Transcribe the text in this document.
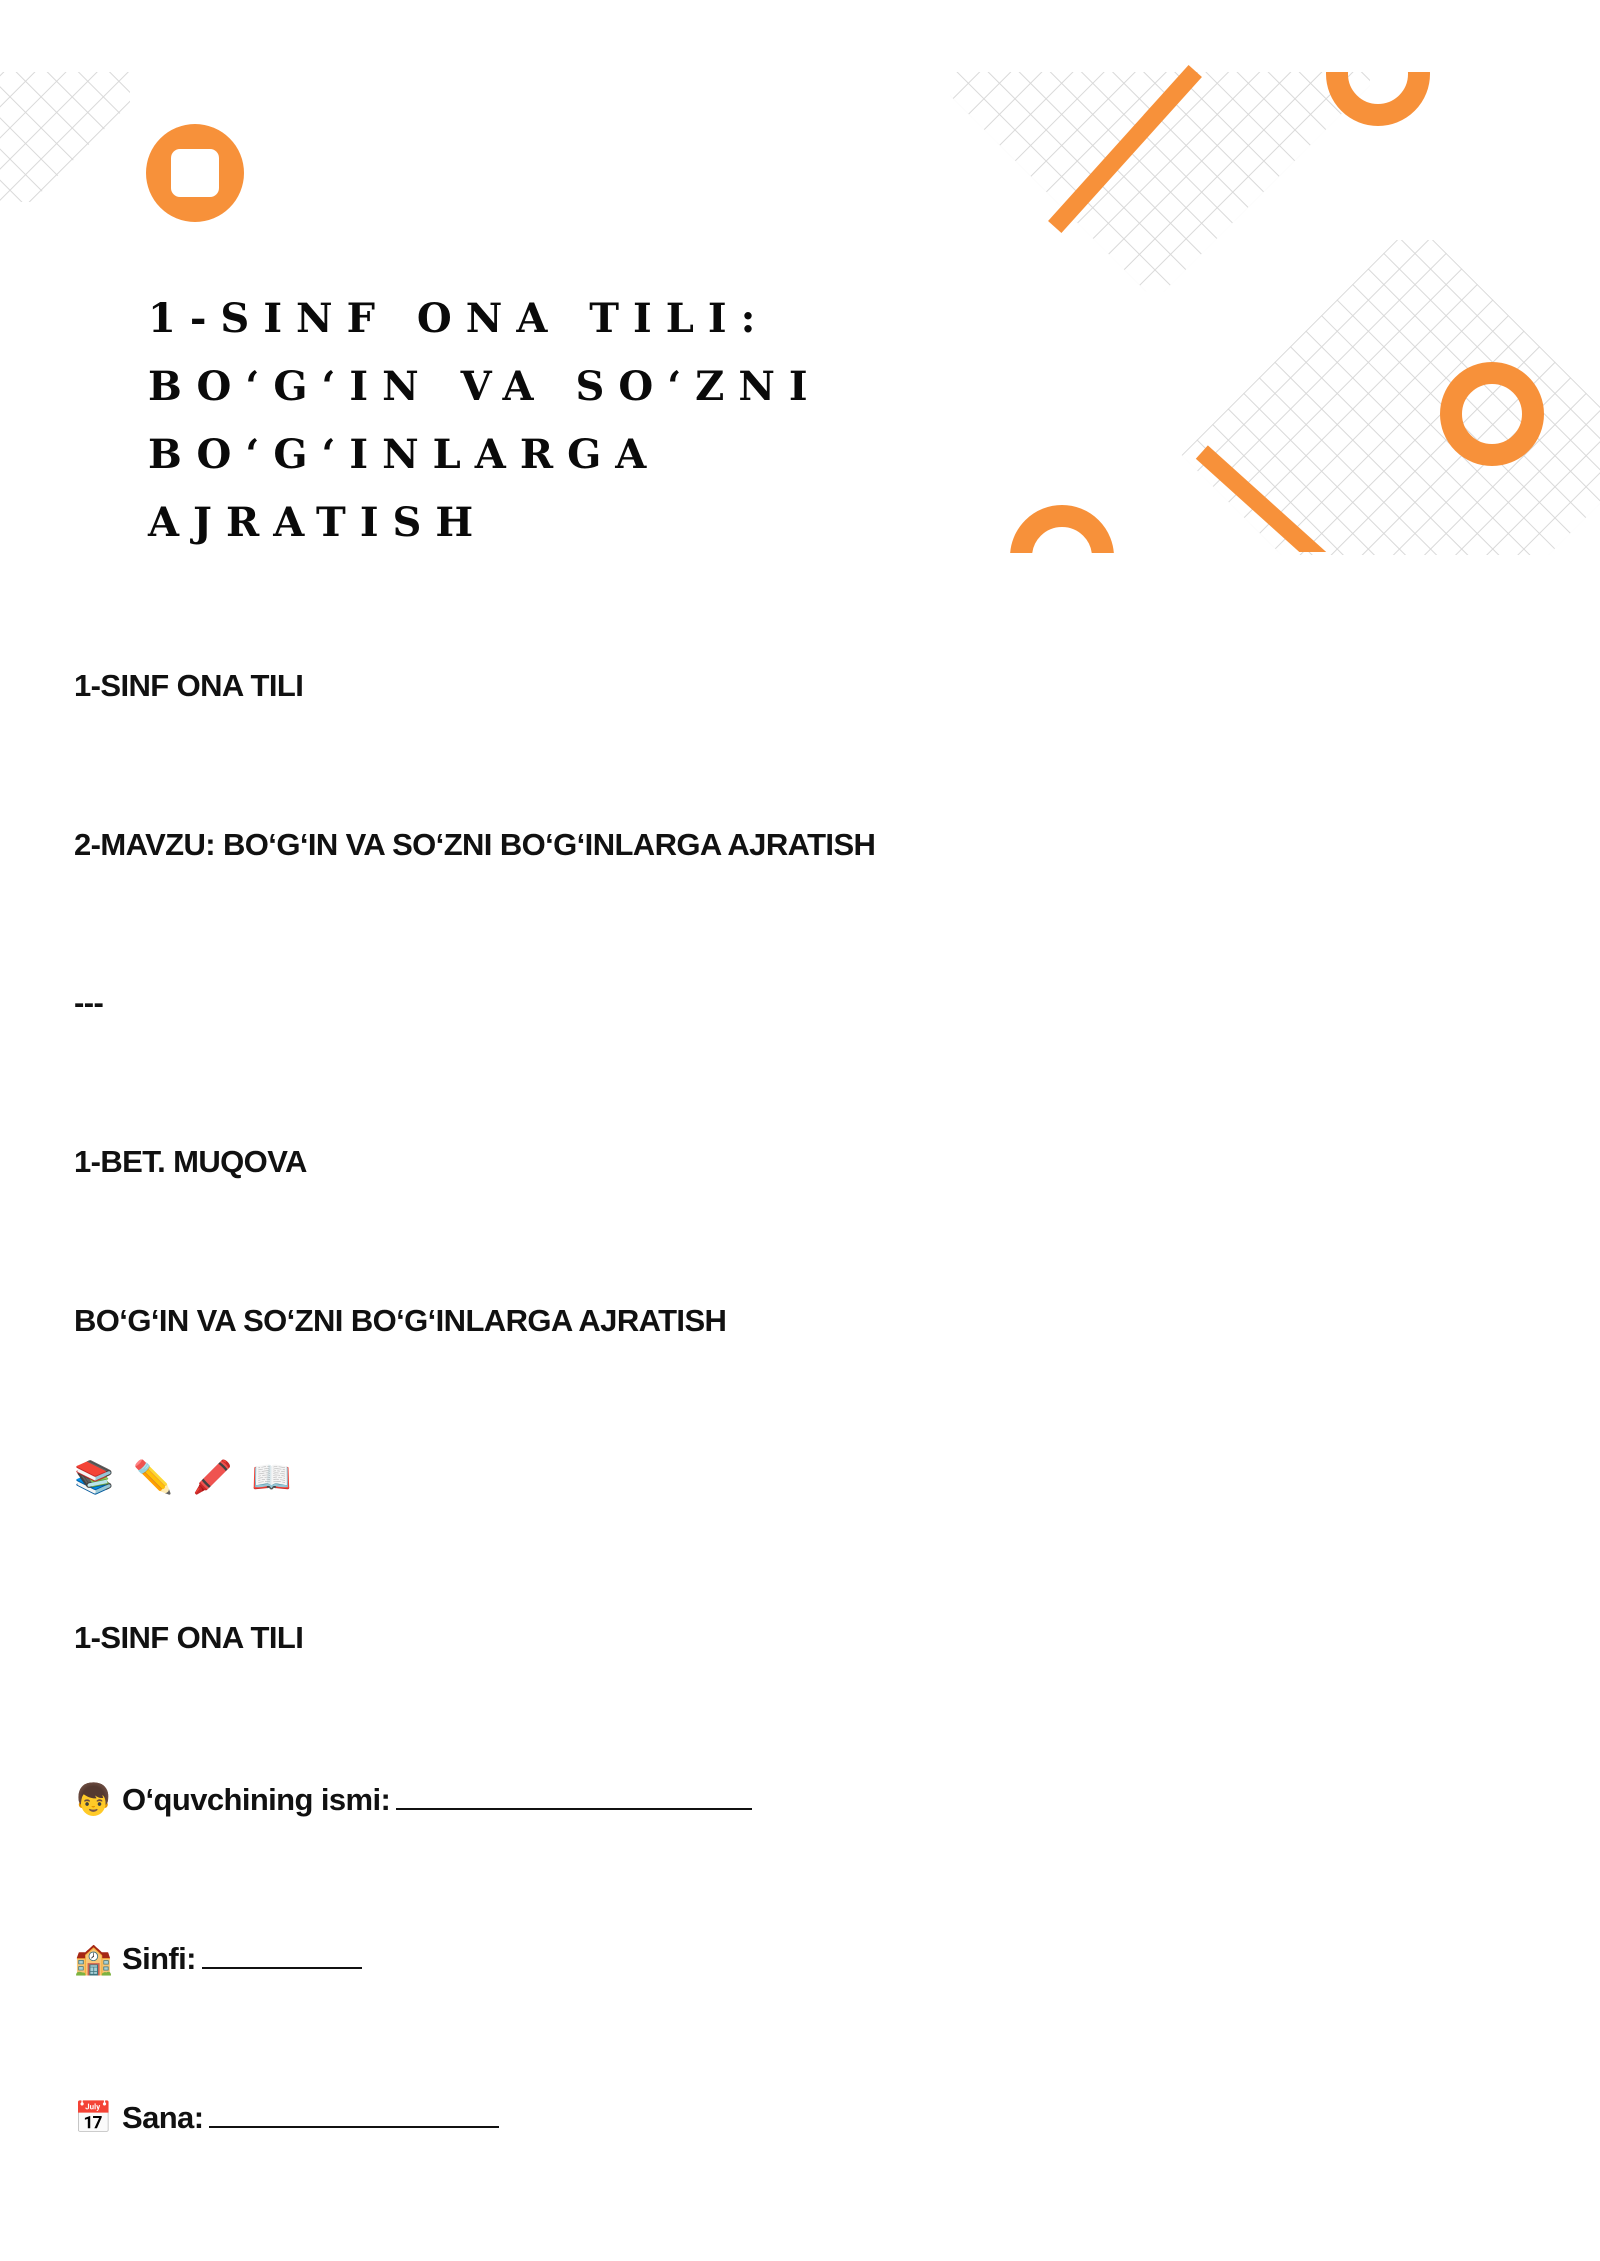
1-SINF ONA TILI: BO‘G‘IN VA SO‘ZNI BO‘G‘INLARGA AJRATISH
1-SINF ONA TILI
2-MAVZU: BO‘G‘IN VA SO‘ZNI BO‘G‘INLARGA AJRATISH
---
1-BET. MUQOVA
BO‘G‘IN VA SO‘ZNI BO‘G‘INLARGA AJRATISH
📚 ✏️ 🖍️ 📖
1-SINF ONA TILI
👦 O‘quvchining ismi:
🏫 Sinfi:
📅 Sana:
